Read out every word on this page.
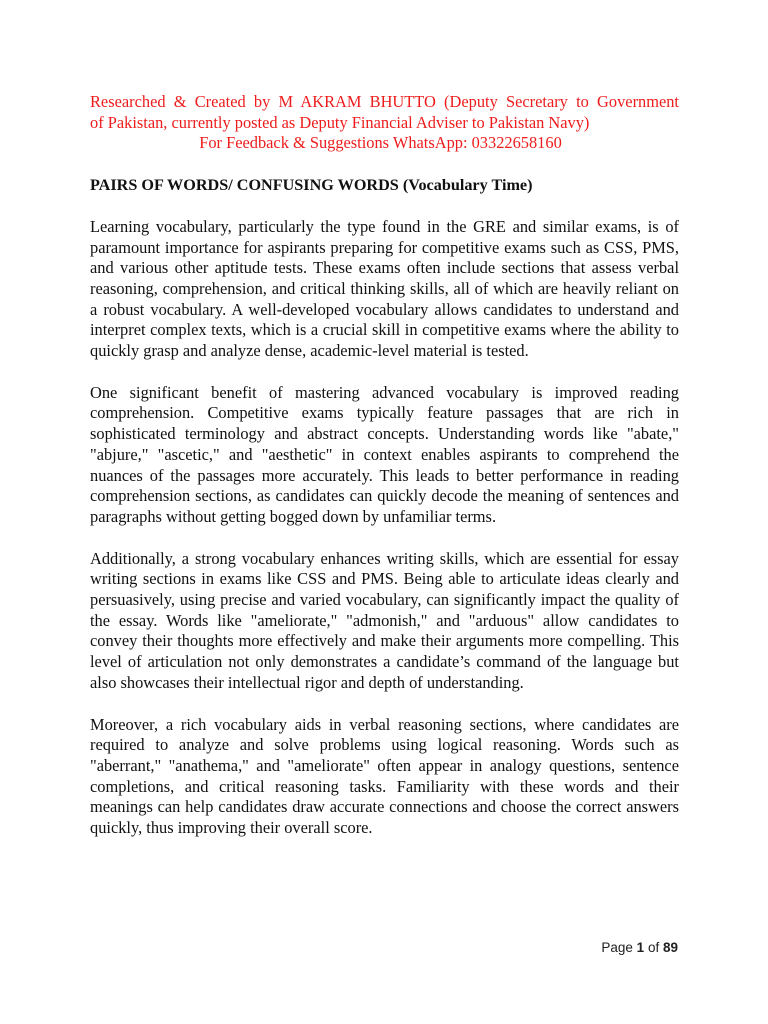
Researched & Created by M AKRAM BHUTTO (Deputy Secretary to Government
of Pakistan, currently posted as Deputy Financial Adviser to Pakistan Navy)
For Feedback & Suggestions WhatsApp: 03322658160
PAIRS OF WORDS/ CONFUSING WORDS (Vocabulary Time)

Learning vocabulary, particularly the type found in the GRE and similar exams, is of paramount importance for aspirants preparing for competitive exams such as CSS, PMS, and various other aptitude tests. These exams often include sections that assess verbal reasoning, comprehension, and critical thinking skills, all of which are heavily reliant on a robust vocabulary. A well-developed vocabulary allows candidates to understand and interpret complex texts, which is a crucial skill in competitive exams where the ability to quickly grasp and analyze dense, academic-level material is tested.

One significant benefit of mastering advanced vocabulary is improved reading comprehension. Competitive exams typically feature passages that are rich in sophisticated terminology and abstract concepts. Understanding words like "abate," "abjure," "ascetic," and "aesthetic" in context enables aspirants to comprehend the nuances of the passages more accurately. This leads to better performance in reading comprehension sections, as candidates can quickly decode the meaning of sentences and paragraphs without getting bogged down by unfamiliar terms.

Additionally, a strong vocabulary enhances writing skills, which are essential for essay writing sections in exams like CSS and PMS. Being able to articulate ideas clearly and persuasively, using precise and varied vocabulary, can significantly impact the quality of the essay. Words like "ameliorate," "admonish," and "arduous" allow candidates to convey their thoughts more effectively and make their arguments more compelling. This level of articulation not only demonstrates a candidate’s command of the language but also showcases their intellectual rigor and depth of understanding.

Moreover, a rich vocabulary aids in verbal reasoning sections, where candidates are required to analyze and solve problems using logical reasoning. Words such as "aberrant," "anathema," and "ameliorate" often appear in analogy questions, sentence completions, and critical reasoning tasks. Familiarity with these words and their meanings can help candidates draw accurate connections and choose the correct answers quickly, thus improving their overall score.

Page 1 of 89
